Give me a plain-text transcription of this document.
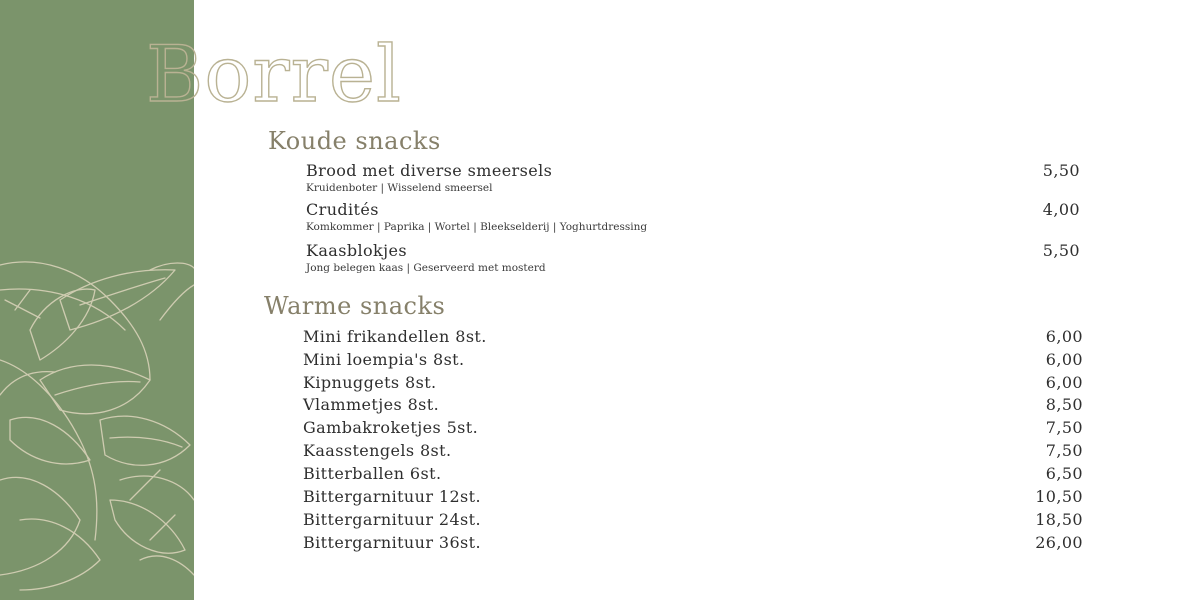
Borrel
Koude snacks
Brood met diverse smeersels	5,50
Kruidenboter | Wisselend smeersel
Crudités	4,00
Komkommer | Paprika | Wortel | Bleekselderij | Yoghurtdressing
Kaasblokjes	5,50
Jong belegen kaas | Geserveerd met mosterd
Warme snacks
Mini frikandellen 8st.	6,00
Mini loempia's 8st.	6,00
Kipnuggets 8st.	6,00
Vlammetjes 8st.	8,50
Gambakroketjes 5st.	7,50
Kaasstengels 8st.	7,50
Bitterballen 6st.	6,50
Bittergarnituur 12st.	10,50
Bittergarnituur 24st.	18,50
Bittergarnituur 36st.	26,00
